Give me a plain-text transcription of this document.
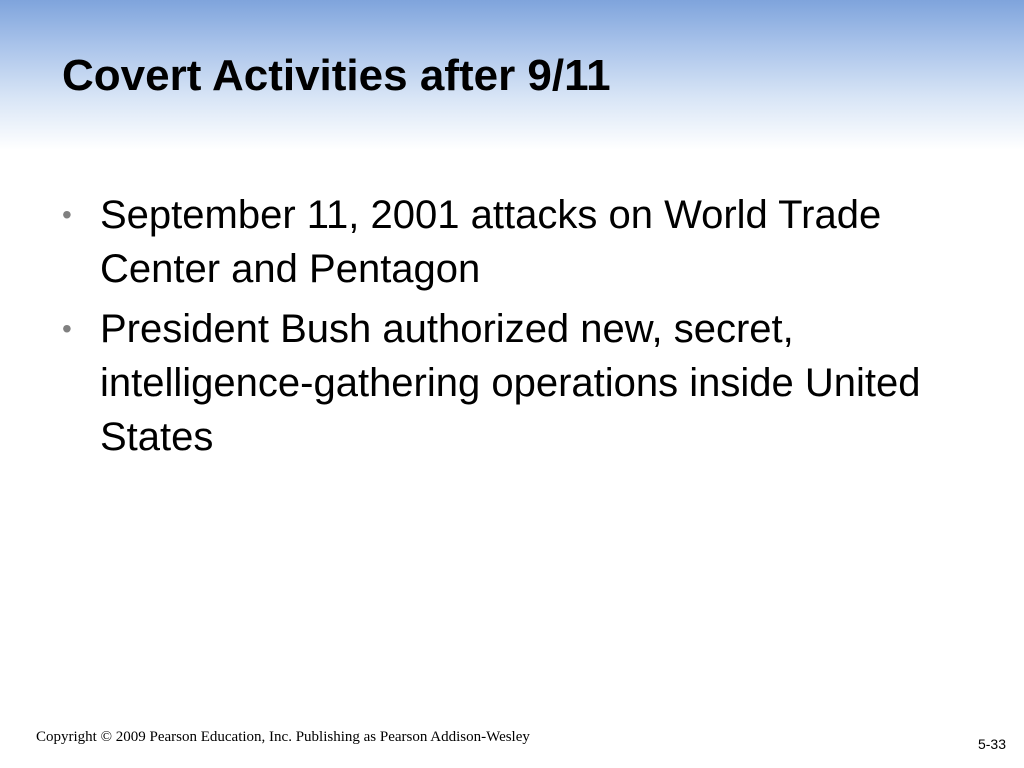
Covert Activities after 9/11
• September 11, 2001 attacks on World Trade Center and Pentagon
• President Bush authorized new, secret, intelligence-gathering operations inside United States
Copyright © 2009 Pearson Education, Inc. Publishing as Pearson Addison-Wesley	5-33
